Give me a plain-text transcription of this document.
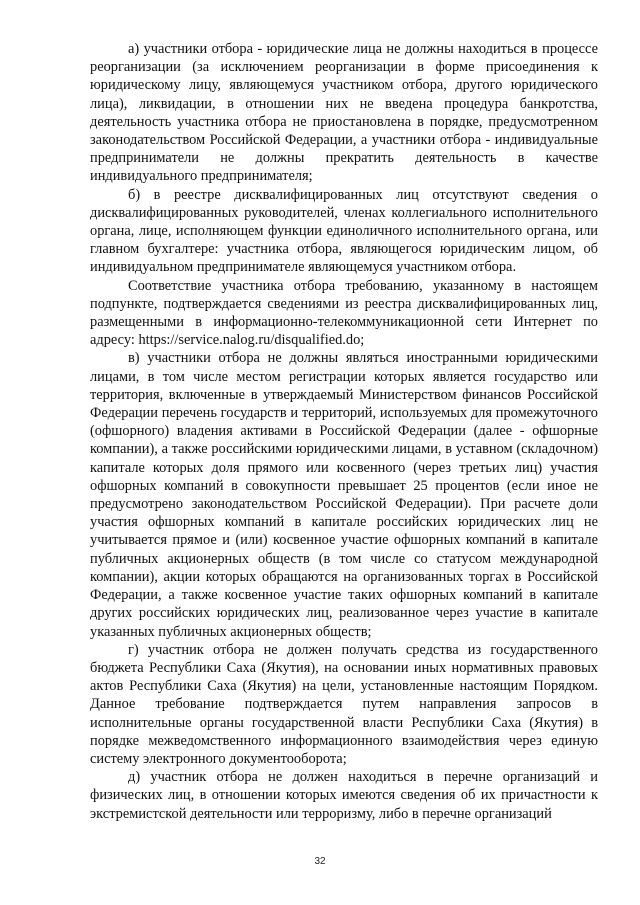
а) участники отбора - юридические лица не должны находиться в процессе реорганизации (за исключением реорганизации в форме присоединения к юридическому лицу, являющемуся участником отбора, другого юридического лица), ликвидации, в отношении них не введена процедура банкротства, деятельность участника отбора не приостановлена в порядке, предусмотренном законодательством Российской Федерации, а участники отбора - индивидуальные предприниматели не должны прекратить деятельность в качестве индивидуального предпринимателя;

б) в реестре дисквалифицированных лиц отсутствуют сведения о дисквалифицированных руководителей, членах коллегиального исполнительного органа, лице, исполняющем функции единоличного исполнительного органа, или главном бухгалтере: участника отбора, являющегося юридическим лицом, об индивидуальном предпринимателе являющемуся участником отбора.

Соответствие участника отбора требованию, указанному в настоящем подпункте, подтверждается сведениями из реестра дисквалифицированных лиц, размещенными в информационно-телекоммуникационной сети Интернет по адресу: https://service.nalog.ru/disqualified.do;

в) участники отбора не должны являться иностранными юридическими лицами, в том числе местом регистрации которых является государство или территория, включенные в утверждаемый Министерством финансов Российской Федерации перечень государств и территорий, используемых для промежуточного (офшорного) владения активами в Российской Федерации (далее - офшорные компании), а также российскими юридическими лицами, в уставном (складочном) капитале которых доля прямого или косвенного (через третьих лиц) участия офшорных компаний в совокупности превышает 25 процентов (если иное не предусмотрено законодательством Российской Федерации). При расчете доли участия офшорных компаний в капитале российских юридических лиц не учитывается прямое и (или) косвенное участие офшорных компаний в капитале публичных акционерных обществ (в том числе со статусом международной компании), акции которых обращаются на организованных торгах в Российской Федерации, а также косвенное участие таких офшорных компаний в капитале других российских юридических лиц, реализованное через участие в капитале указанных публичных акционерных обществ;

г) участник отбора не должен получать средства из государственного бюджета Республики Саха (Якутия), на основании иных нормативных правовых актов Республики Саха (Якутия) на цели, установленные настоящим Порядком. Данное требование подтверждается путем направления запросов в исполнительные органы государственной власти Республики Саха (Якутия) в порядке межведомственного информационного взаимодействия через единую систему электронного документооборота;

д) участник отбора не должен находиться в перечне организаций и физических лиц, в отношении которых имеются сведения об их причастности к экстремистской деятельности или терроризму, либо в перечне организаций

32
